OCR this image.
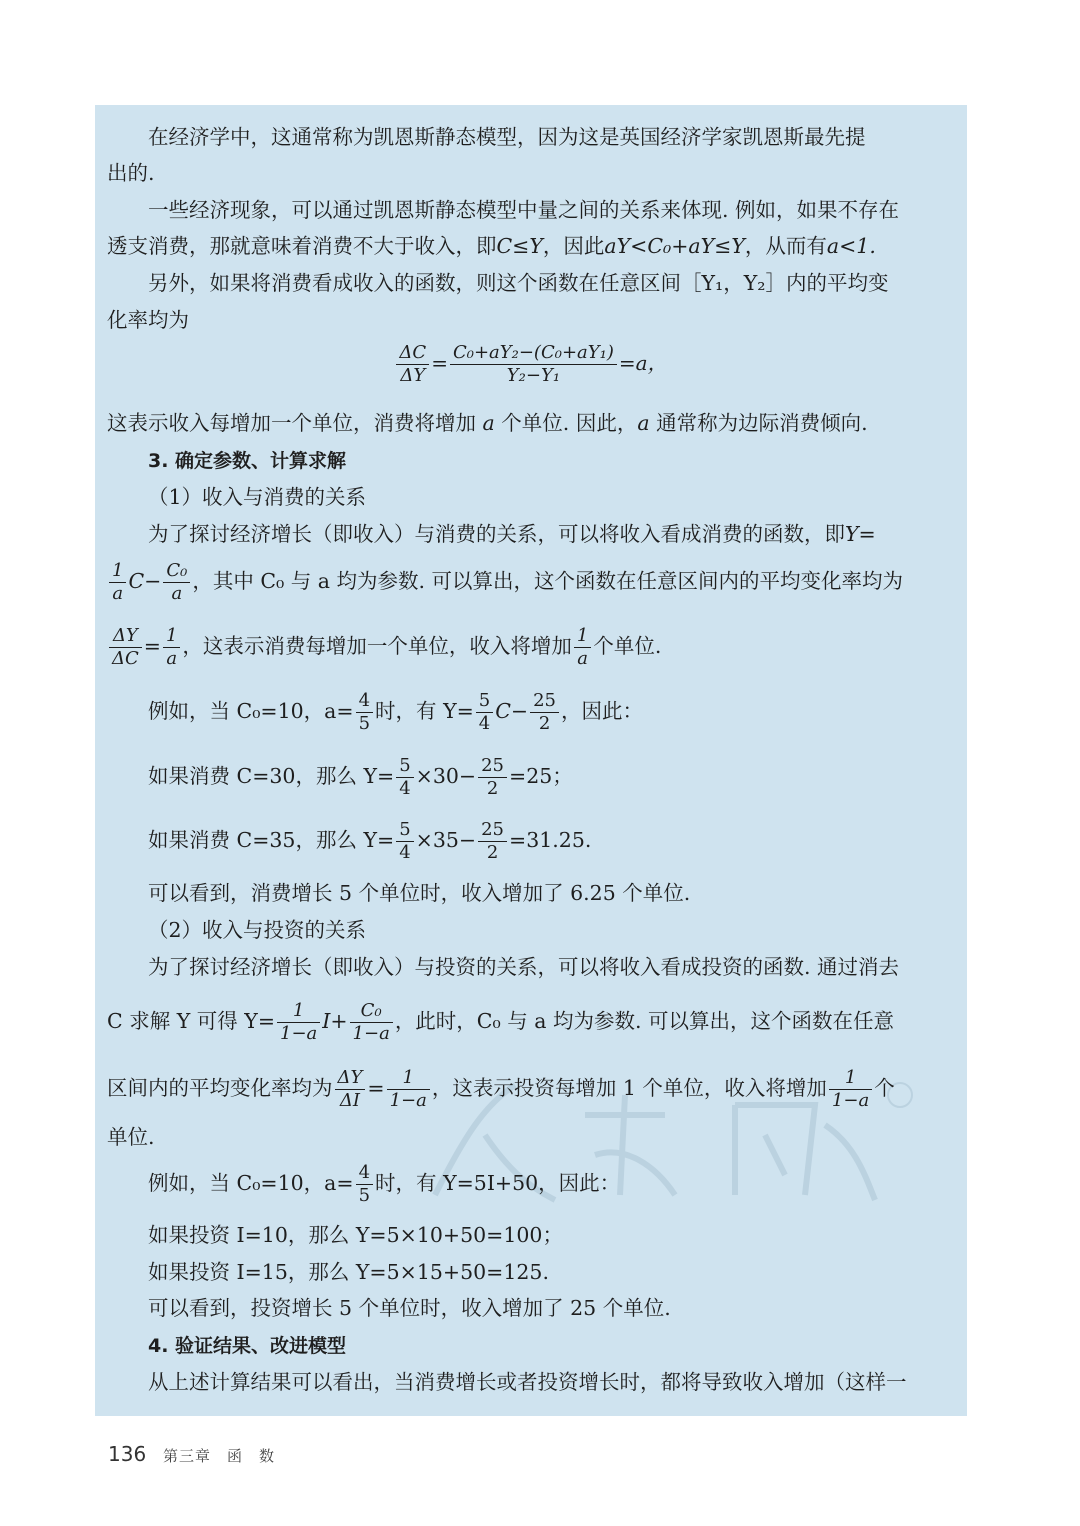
在经济学中，这通常称为凯恩斯静态模型，因为这是英国经济学家凯恩斯最先提
出的.
一些经济现象，可以通过凯恩斯静态模型中量之间的关系来体现. 例如，如果不存在
透支消费，那就意味着消费不大于收入，即C≤Y，因此aY<C₀+aY≤Y，从而有a<1.
另外，如果将消费看成收入的函数，则这个函数在任意区间［Y₁，Y₂］内的平均变
化率均为
$\frac{\Delta C}{\Delta Y} = \frac{\text{C₀+aY₂−(C₀+aY₁)}}{\text{Y₂−Y₁}} =a$，
这表示收入每增加一个单位，消费将增加 a 个单位. 因此，a 通常称为边际消费倾向.
3. 确定参数、计算求解
（1）收入与消费的关系
为了探讨经济增长（即收入）与消费的关系，可以将收入看成消费的函数，即Y=
$\frac{1}{a} C- \frac{\text{C₀}}{a}$ ，其中 C₀ 与 a 均为参数. 可以算出，这个函数在任意区间内的平均变化率均为
$\frac{\Delta Y}{\Delta C} = \frac{1}{a}$ ，这表示消费每增加一个单位，收入将增加 $\frac{1}{a}$ 个单位.
例如，当 C₀=10，$a= \frac{4}{5}$ 时，有 $Y= \frac{5}{4} C- \frac{25}{2}$ ，因此：
如果消费 C=30，那么 $Y= \frac{5}{4} \times 30- \frac{25}{2} =25$；
如果消费 C=35，那么 $Y= \frac{5}{4} \times 35- \frac{25}{2} =31.25$.
可以看到，消费增长 5 个单位时，收入增加了 6.25 个单位.
（2）收入与投资的关系
为了探讨经济增长（即收入）与投资的关系，可以将收入看成投资的函数. 通过消去
C 求解 Y 可得 $Y= \frac{1}{1-a} I+ \frac{\text{C₀}}{1-a}$ ，此时，C₀ 与 a 均为参数. 可以算出，这个函数在任意
区间内的平均变化率均为 $\frac{\Delta Y}{\Delta I} = \frac{1}{1-a}$ ，这表示投资每增加 1 个单位，收入将增加 $\frac{1}{1-a}$ 个
单位.
例如，当 C₀=10，$a= \frac{4}{5}$ 时，有 Y=5I+50，因此：
如果投资 I=10，那么 Y=5×10+50=100；
如果投资 I=15，那么 Y=5×15+50=125.
可以看到，投资增长 5 个单位时，收入增加了 25 个单位.
4. 验证结果、改进模型
从上述计算结果可以看出，当消费增长或者投资增长时，都将导致收入增加（这样一
136 第三章　函　数
